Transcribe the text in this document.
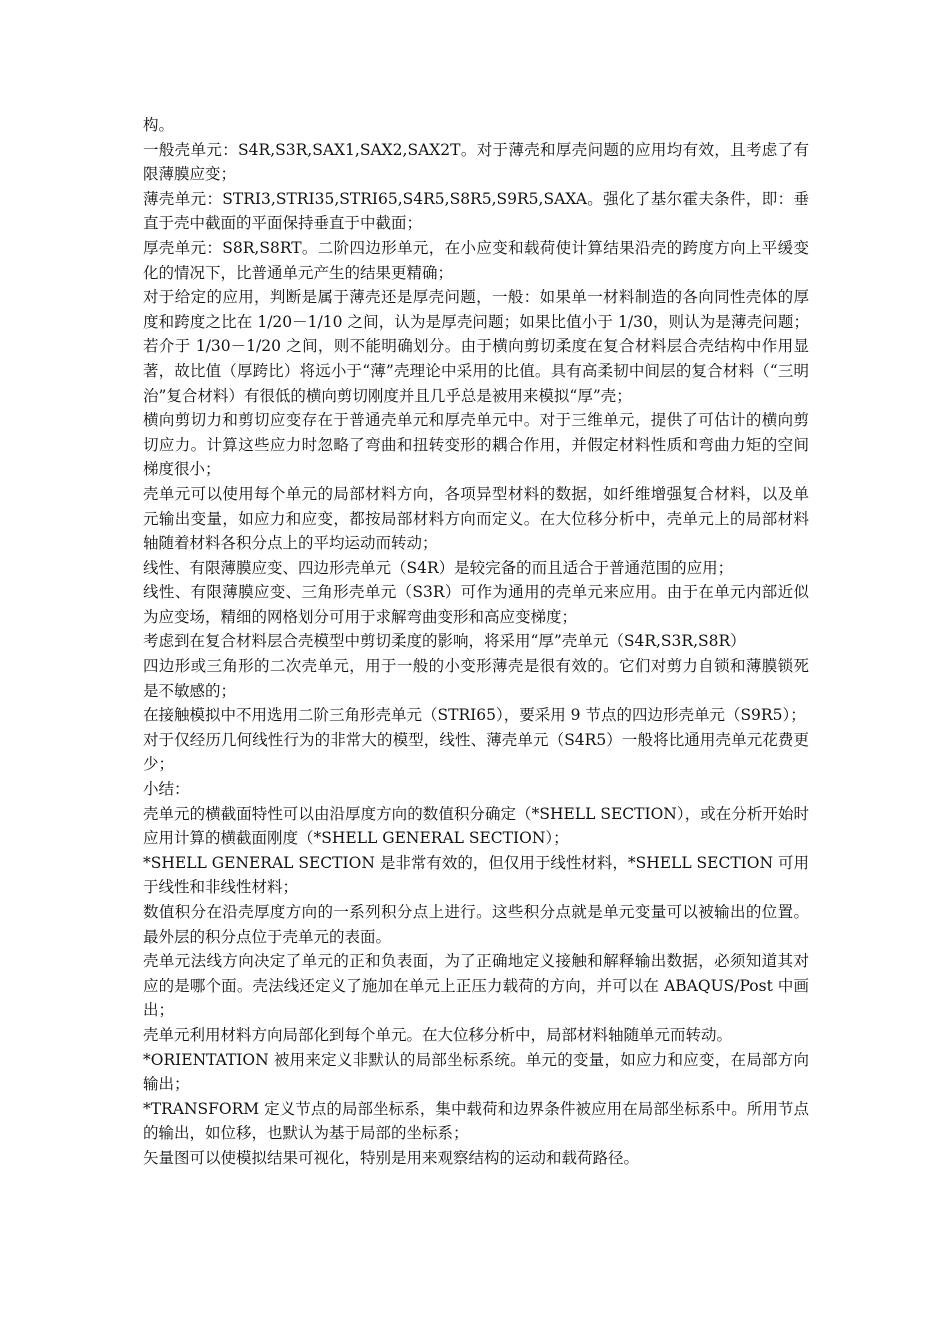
构。

一般壳单元：S4R,S3R,SAX1,SAX2,SAX2T。对于薄壳和厚壳问题的应用均有效，且考虑了有限薄膜应变；

薄壳单元：STRI3,STRI35,STRI65,S4R5,S8R5,S9R5,SAXA。强化了基尔霍夫条件，即：垂直于壳中截面的平面保持垂直于中截面；

厚壳单元：S8R,S8RT。二阶四边形单元，在小应变和载荷使计算结果沿壳的跨度方向上平缓变化的情况下，比普通单元产生的结果更精确；

对于给定的应用，判断是属于薄壳还是厚壳问题，一般：如果单一材料制造的各向同性壳体的厚度和跨度之比在 1/20－1/10 之间，认为是厚壳问题；如果比值小于 1/30，则认为是薄壳问题；若介于 1/30－1/20 之间，则不能明确划分。由于横向剪切柔度在复合材料层合壳结构中作用显著，故比值（厚跨比）将远小于“薄”壳理论中采用的比值。具有高柔韧中间层的复合材料（“三明治”复合材料）有很低的横向剪切刚度并且几乎总是被用来模拟“厚”壳；

横向剪切力和剪切应变存在于普通壳单元和厚壳单元中。对于三维单元，提供了可估计的横向剪切应力。计算这些应力时忽略了弯曲和扭转变形的耦合作用，并假定材料性质和弯曲力矩的空间梯度很小；

壳单元可以使用每个单元的局部材料方向，各项异型材料的数据，如纤维增强复合材料，以及单元输出变量，如应力和应变，都按局部材料方向而定义。在大位移分析中，壳单元上的局部材料轴随着材料各积分点上的平均运动而转动；

线性、有限薄膜应变、四边形壳单元（S4R）是较完备的而且适合于普通范围的应用；

线性、有限薄膜应变、三角形壳单元（S3R）可作为通用的壳单元来应用。由于在单元内部近似为应变场，精细的网格划分可用于求解弯曲变形和高应变梯度；

考虑到在复合材料层合壳模型中剪切柔度的影响，将采用“厚”壳单元（S4R,S3R,S8R）

四边形或三角形的二次壳单元，用于一般的小变形薄壳是很有效的。它们对剪力自锁和薄膜锁死是不敏感的；

在接触模拟中不用选用二阶三角形壳单元（STRI65），要采用 9 节点的四边形壳单元（S9R5）；

对于仅经历几何线性行为的非常大的模型，线性、薄壳单元（S4R5）一般将比通用壳单元花费更少；

小结：

壳单元的横截面特性可以由沿厚度方向的数值积分确定（*SHELL SECTION），或在分析开始时应用计算的横截面刚度（*SHELL GENERAL SECTION）；

*SHELL GENERAL SECTION 是非常有效的，但仅用于线性材料，*SHELL SECTION 可用于线性和非线性材料；

数值积分在沿壳厚度方向的一系列积分点上进行。这些积分点就是单元变量可以被输出的位置。最外层的积分点位于壳单元的表面。

壳单元法线方向决定了单元的正和负表面，为了正确地定义接触和解释输出数据，必须知道其对应的是哪个面。壳法线还定义了施加在单元上正压力载荷的方向，并可以在 ABAQUS/Post 中画出；

壳单元利用材料方向局部化到每个单元。在大位移分析中，局部材料轴随单元而转动。

*ORIENTATION 被用来定义非默认的局部坐标系统。单元的变量，如应力和应变，在局部方向输出；

*TRANSFORM 定义节点的局部坐标系，集中载荷和边界条件被应用在局部坐标系中。所用节点的输出，如位移，也默认为基于局部的坐标系；

矢量图可以使模拟结果可视化，特别是用来观察结构的运动和载荷路径。
